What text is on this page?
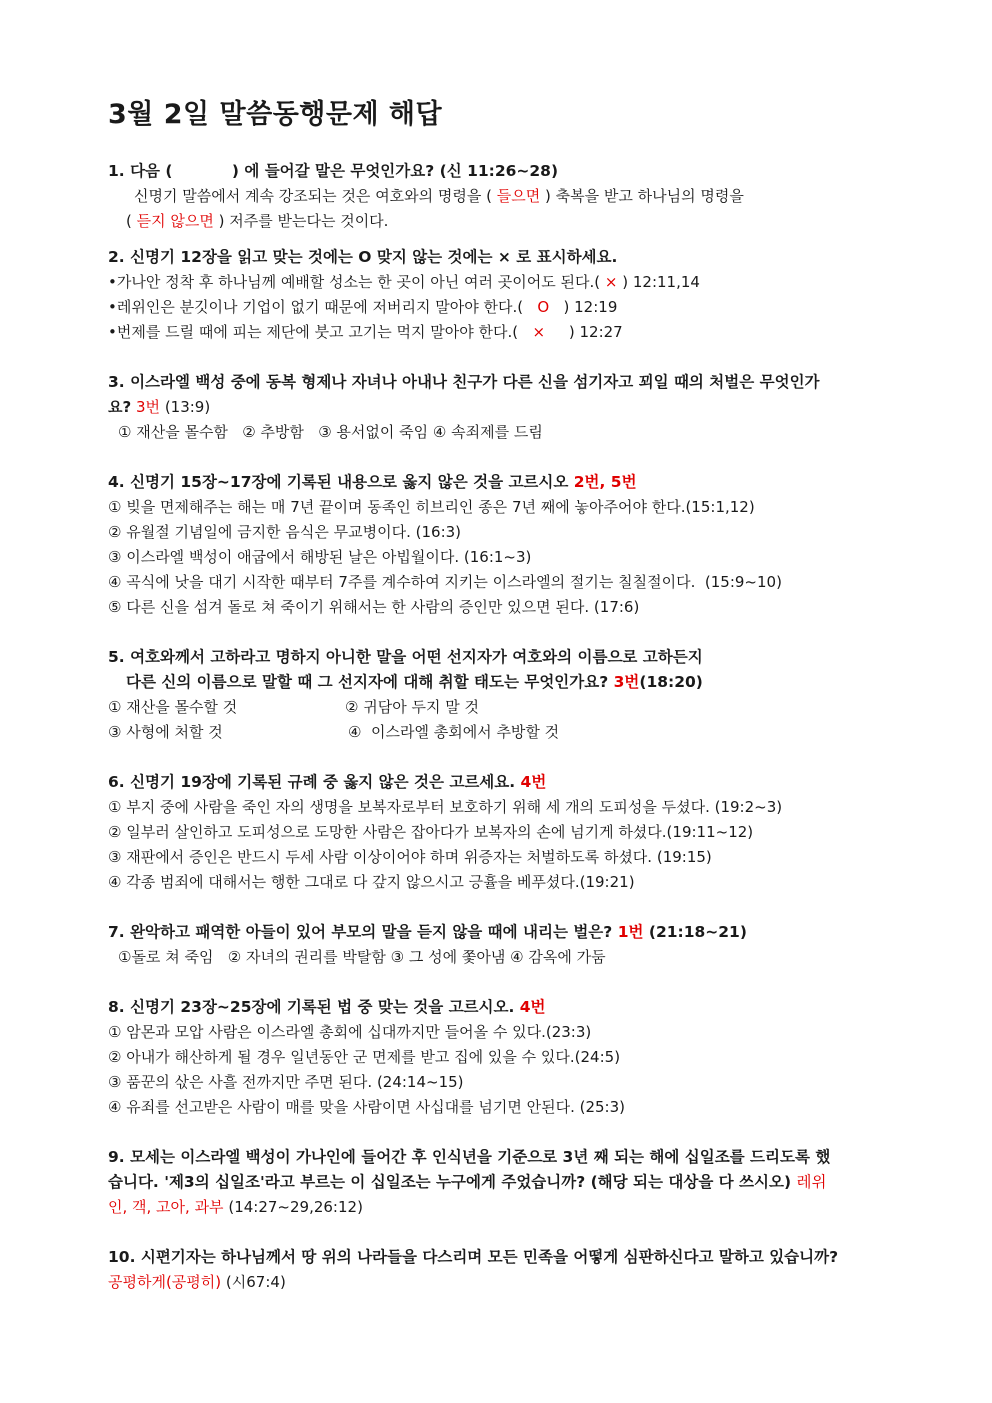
3월 2일 말씀동행문제 해답
1. 다음 (           ) 에 들어갈 말은 무엇인가요? (신 11:26~28)
신명기 말씀에서 계속 강조되는 것은 여호와의 명령을 ( 들으면 ) 축복을 받고 하나님의 명령을
( 듣지 않으면 ) 저주를 받는다는 것이다.
2. 신명기 12장을 읽고 맞는 것에는 O 맞지 않는 것에는 × 로 표시하세요.
•가나안 정착 후 하나님께 예배할 성소는 한 곳이 아닌 여러 곳이어도 된다.( × ) 12:11,14
•레위인은 분깃이나 기업이 없기 때문에 저버리지 말아야 한다.(   O   ) 12:19
•번제를 드릴 때에 피는 제단에 붓고 고기는 먹지 말아야 한다.(   ×     ) 12:27
3. 이스라엘 백성 중에 동복 형제나 자녀나 아내나 친구가 다른 신을 섬기자고 꾀일 때의 처벌은 무엇인가
요? 3번 (13:9)
① 재산을 몰수함   ② 추방함   ③ 용서없이 죽임 ④ 속죄제를 드림
4. 신명기 15장~17장에 기록된 내용으로 옳지 않은 것을 고르시오 2번, 5번
① 빚을 면제해주는 해는 매 7년 끝이며 동족인 히브리인 종은 7년 째에 놓아주어야 한다.(15:1,12)
② 유월절 기념일에 금지한 음식은 무교병이다. (16:3)
③ 이스라엘 백성이 애굽에서 해방된 날은 아빕월이다. (16:1~3)
④ 곡식에 낫을 대기 시작한 때부터 7주를 계수하여 지키는 이스라엘의 절기는 칠칠절이다.  (15:9~10)
⑤ 다른 신을 섬겨 돌로 쳐 죽이기 위해서는 한 사람의 증인만 있으면 된다. (17:6)
5. 여호와께서 고하라고 명하지 아니한 말을 어떤 선지자가 여호와의 이름으로 고하든지
다른 신의 이름으로 말할 때 그 선지자에 대해 취할 태도는 무엇인가요? 3번(18:20)
① 재산을 몰수할 것	② 귀담아 두지 말 것
③ 사형에 처할 것	④  이스라엘 총회에서 추방할 것
6. 신명기 19장에 기록된 규례 중 옳지 않은 것은 고르세요. 4번
① 부지 중에 사람을 죽인 자의 생명을 보복자로부터 보호하기 위해 세 개의 도피성을 두셨다. (19:2~3)
② 일부러 살인하고 도피성으로 도망한 사람은 잡아다가 보복자의 손에 넘기게 하셨다.(19:11~12)
③ 재판에서 증인은 반드시 두세 사람 이상이어야 하며 위증자는 처벌하도록 하셨다. (19:15)
④ 각종 범죄에 대해서는 행한 그대로 다 갚지 않으시고 긍휼을 베푸셨다.(19:21)
7. 완악하고 패역한 아들이 있어 부모의 말을 듣지 않을 때에 내리는 벌은? 1번 (21:18~21)
①돌로 쳐 죽임   ② 자녀의 권리를 박탈함 ③ 그 성에 쫓아냄 ④ 감옥에 가둠
8. 신명기 23장~25장에 기록된 법 중 맞는 것을 고르시오. 4번
① 암몬과 모압 사람은 이스라엘 총회에 십대까지만 들어올 수 있다.(23:3)
② 아내가 해산하게 될 경우 일년동안 군 면제를 받고 집에 있을 수 있다.(24:5)
③ 품꾼의 삯은 사흘 전까지만 주면 된다. (24:14~15)
④ 유죄를 선고받은 사람이 매를 맞을 사람이면 사십대를 넘기면 안된다. (25:3)
9. 모세는 이스라엘 백성이 가나인에 들어간 후 인식년을 기준으로 3년 째 되는 해에 십일조를 드리도록 했
습니다. '제3의 십일조'라고 부르는 이 십일조는 누구에게 주었습니까? (해당 되는 대상을 다 쓰시오) 레위
인, 객, 고아, 과부 (14:27~29,26:12)
10. 시편기자는 하나님께서 땅 위의 나라들을 다스리며 모든 민족을 어떻게 심판하신다고 말하고 있습니까?
공평하게(공평히) (시67:4)
